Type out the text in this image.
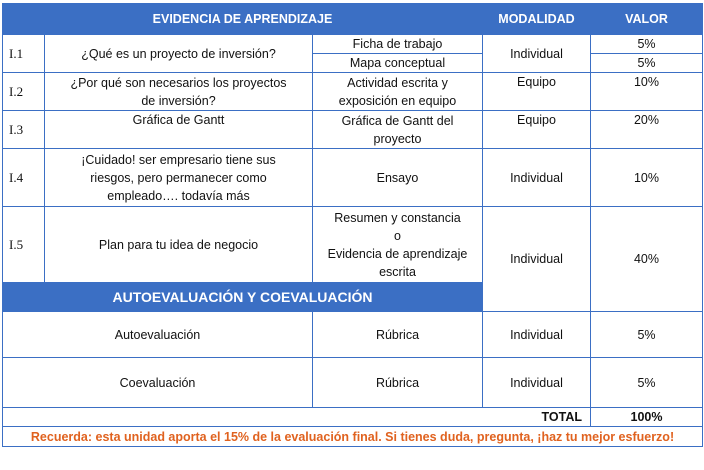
EVIDENCIA DE APRENDIZAJE			MODALIDAD	VALOR
I.1	¿Qué es un proyecto de inversión?	Ficha de trabajo	Individual	5%
		Mapa conceptual		5%
I.2	¿Por qué son necesarios los proyectos
de inversión?	Actividad escrita y
exposición en equipo	Equipo	10%
I.3	Gráfica de Gantt	Gráfica de Gantt del
proyecto	Equipo	20%
I.4	¡Cuidado! ser empresario tiene sus
riesgos, pero permanecer como
empleado…. todavía más	Ensayo	Individual	10%
I.5	Plan para tu idea de negocio	Resumen y constancia
o
Evidencia de aprendizaje
escrita	Individual	40%
AUTOEVALUACIÓN Y COEVALUACIÓN				
Autoevaluación		Rúbrica	Individual	5%
Coevaluación		Rúbrica	Individual	5%
TOTAL				100%
Recuerda: esta unidad aporta el 15% de la evaluación final. Si tienes duda, pregunta, ¡haz tu mejor esfuerzo!				
